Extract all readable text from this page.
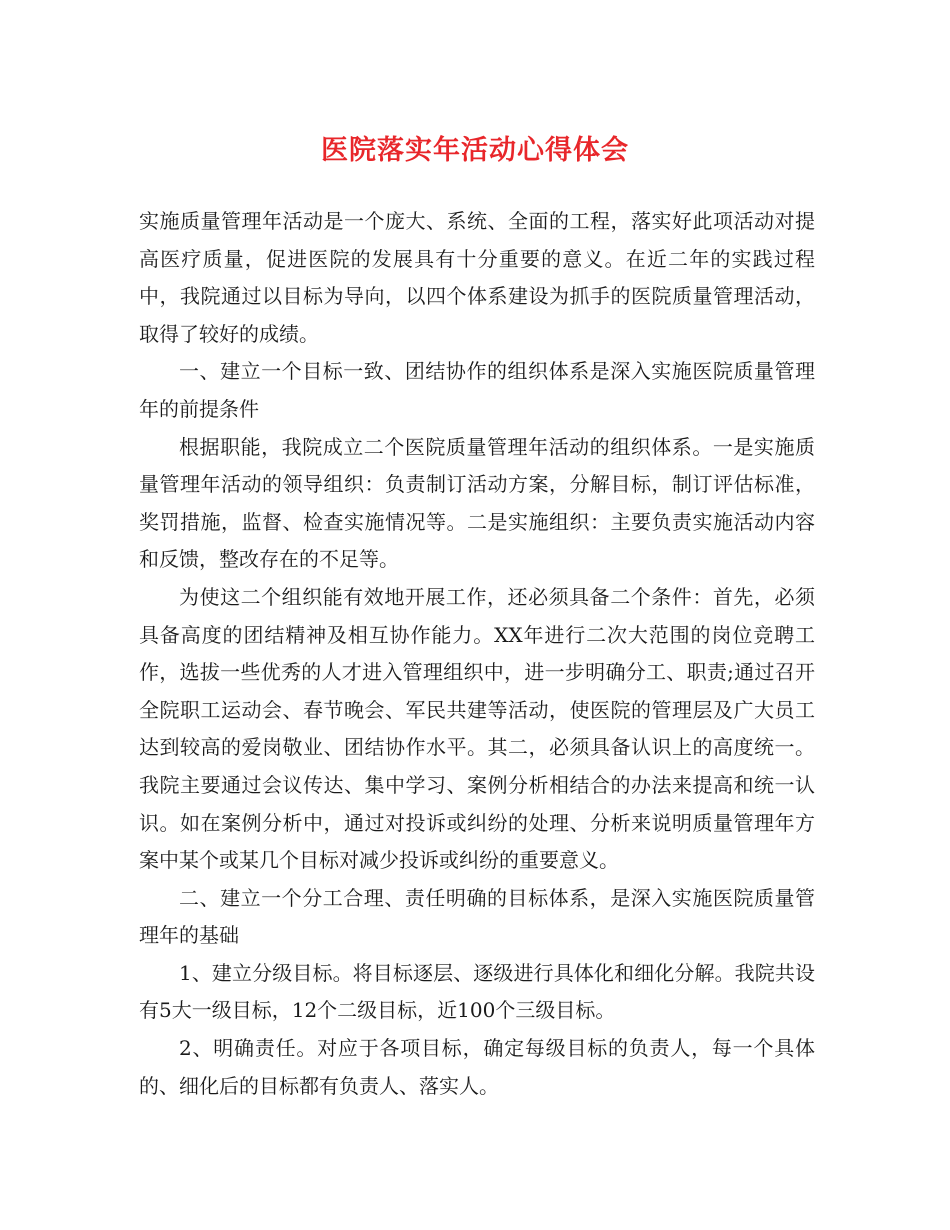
医院落实年活动心得体会

实施质量管理年活动是一个庞大、系统、全面的工程，落实好此项活动对提高医疗质量，促进医院的发展具有十分重要的意义。在近二年的实践过程中，我院通过以目标为导向，以四个体系建设为抓手的医院质量管理活动，取得了较好的成绩。

一、建立一个目标一致、团结协作的组织体系是深入实施医院质量管理年的前提条件

根据职能，我院成立二个医院质量管理年活动的组织体系。一是实施质量管理年活动的领导组织：负责制订活动方案，分解目标，制订评估标准，奖罚措施，监督、检查实施情况等。二是实施组织：主要负责实施活动内容和反馈，整改存在的不足等。

为使这二个组织能有效地开展工作，还必须具备二个条件：首先，必须具备高度的团结精神及相互协作能力。XX年进行二次大范围的岗位竞聘工作，选拔一些优秀的人才进入管理组织中，进一步明确分工、职责;通过召开全院职工运动会、春节晚会、军民共建等活动，使医院的管理层及广大员工达到较高的爱岗敬业、团结协作水平。其二，必须具备认识上的高度统一。我院主要通过会议传达、集中学习、案例分析相结合的办法来提高和统一认识。如在案例分析中，通过对投诉或纠纷的处理、分析来说明质量管理年方案中某个或某几个目标对减少投诉或纠纷的重要意义。

二、建立一个分工合理、责任明确的目标体系，是深入实施医院质量管理年的基础

1、建立分级目标。将目标逐层、逐级进行具体化和细化分解。我院共设有5大一级目标，12个二级目标，近100个三级目标。

2、明确责任。对应于各项目标，确定每级目标的负责人，每一个具体的、细化后的目标都有负责人、落实人。
